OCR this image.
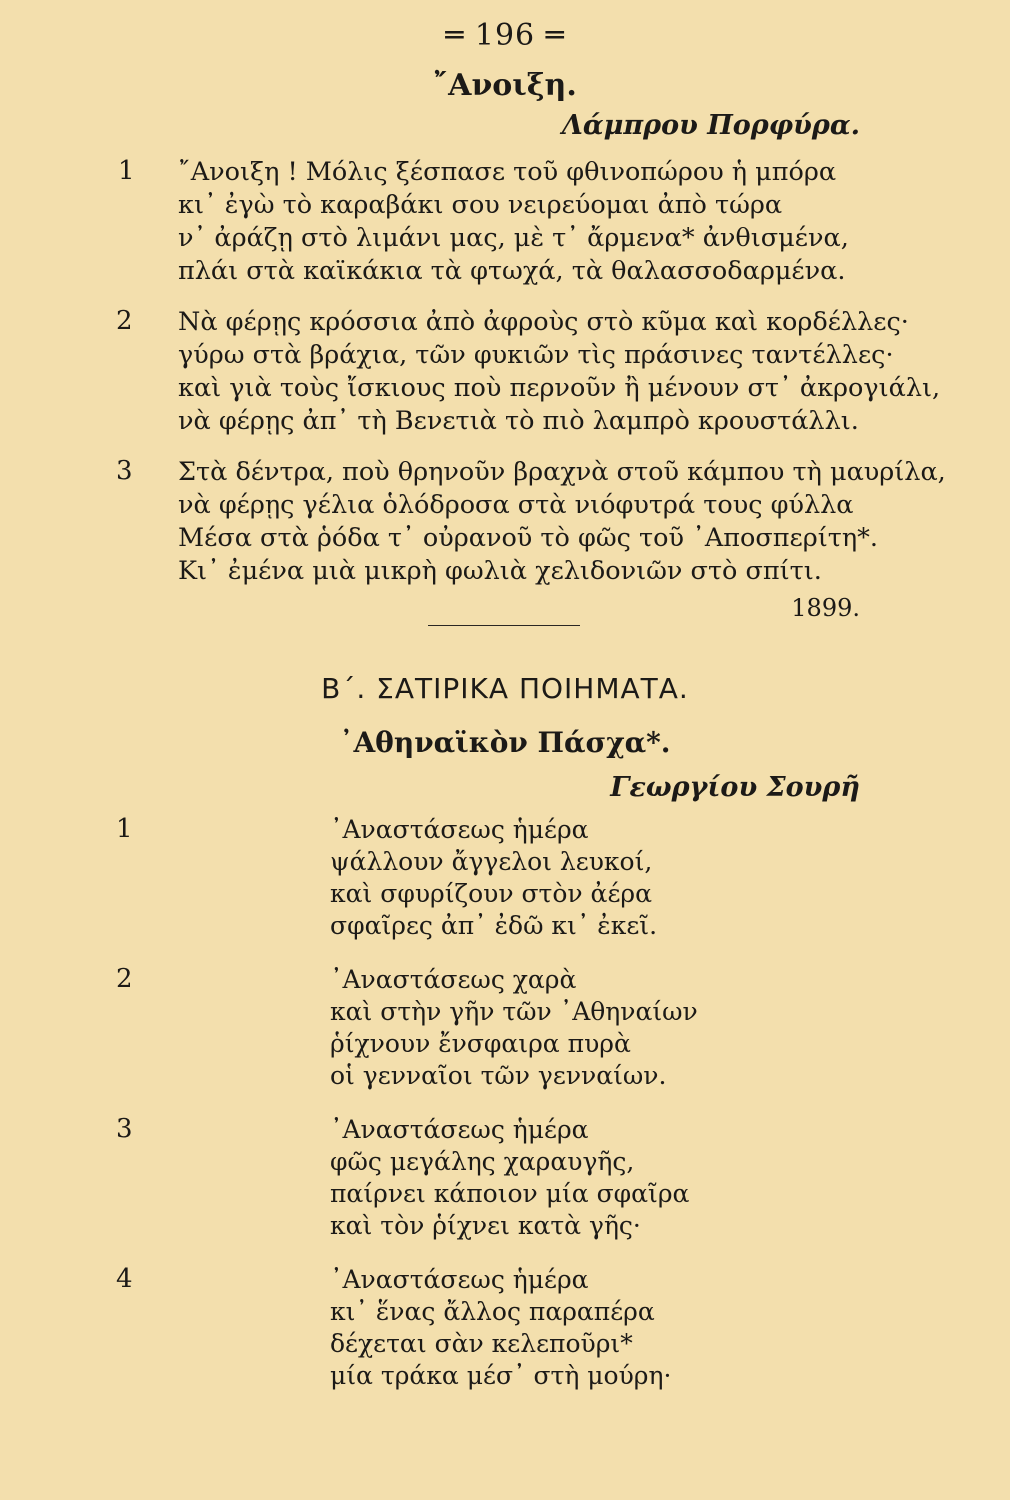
═ 196 ═
῎Ανοιξη.
Λάμπρου Πορφύρα.
1 ῎Ανοιξη ! Μόλις ξέσπασε τοῦ φθινοπώρου ἡ μπόρα
κι᾿ ἐγὼ τὸ καραβάκι σου νειρεύομαι ἀπὸ τώρα
ν᾿ ἀράζῃ στὸ λιμάνι μας, μὲ τ᾿ ἄρμενα* ἀνθισμένα,
πλάι στὰ καϊκάκια τὰ φτωχά, τὰ θαλασσοδαρμένα.
2 Νὰ φέρῃς κρόσσια ἀπὸ ἀφροὺς στὸ κῦμα καὶ κορδέλλες·
γύρω στὰ βράχια, τῶν φυκιῶν τὶς πράσινες ταντέλλες·
καὶ γιὰ τοὺς ἴσκιους ποὺ περνοῦν ἢ μένουν στ᾿ ἀκρογιάλι,
νὰ φέρῃς ἀπ᾿ τὴ Βενετιὰ τὸ πιὸ λαμπρὸ κρουστάλλι.
3 Στὰ δέντρα, ποὺ θρηνοῦν βραχνὰ στοῦ κάμπου τὴ μαυρίλα,
νὰ φέρῃς γέλια ὁλόδροσα στὰ νιόφυτρά τους φύλλα
Μέσα στὰ ῥόδα τ᾿ οὐρανοῦ τὸ φῶς τοῦ ᾿Αποσπερίτη*.
Κι᾿ ἐμένα μιὰ μικρὴ φωλιὰ χελιδονιῶν στὸ σπίτι.
1899.
Β΄. ΣΑΤΙΡΙΚΑ ΠΟΙΗΜΑΤΑ.
᾿Αθηναϊκὸν Πάσχα*.
Γεωργίου Σουρῆ
1	᾿Αναστάσεως ἡμέρα
ψάλλουν ἄγγελοι λευκοί,
καὶ σφυρίζουν στὸν ἀέρα
σφαῖρες ἀπ᾿ ἐδῶ κι᾿ ἐκεῖ.
2	᾿Αναστάσεως χαρὰ
καὶ στὴν γῆν τῶν ᾿Αθηναίων
ῥίχνουν ἔνσφαιρα πυρὰ
οἱ γενναῖοι τῶν γενναίων.
3	᾿Αναστάσεως ἡμέρα
φῶς μεγάλης χαραυγῆς,
παίρνει κάποιον μία σφαῖρα
καὶ τὸν ῥίχνει κατὰ γῆς·
4	᾿Αναστάσεως ἡμέρα
κι᾿ ἕνας ἄλλος παραπέρα
δέχεται σὰν κελεποῦρι*
μία τράκα μέσ᾿ στὴ μούρη·
